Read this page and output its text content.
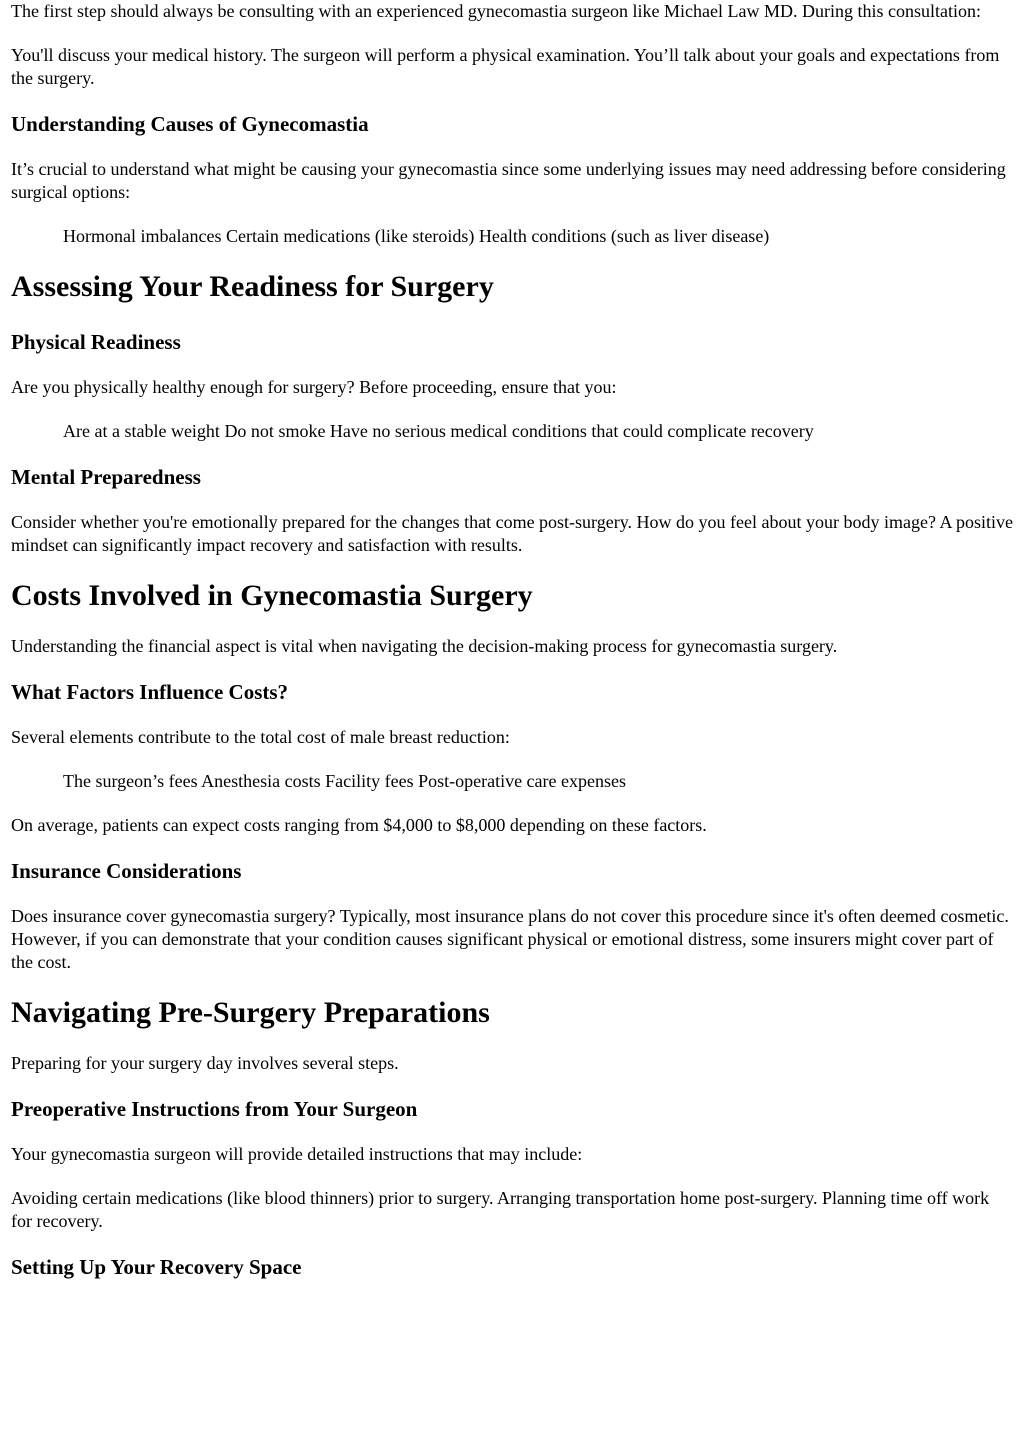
The first step should always be consulting with an experienced gynecomastia surgeon like Michael Law MD. During this consultation:

You'll discuss your medical history. The surgeon will perform a physical examination. You’ll talk about your goals and expectations from the surgery.

Understanding Causes of Gynecomastia

It’s crucial to understand what might be causing your gynecomastia since some underlying issues may need addressing before considering surgical options:

Hormonal imbalances Certain medications (like steroids) Health conditions (such as liver disease)
Assessing Your Readiness for Surgery
Physical Readiness

Are you physically healthy enough for surgery? Before proceeding, ensure that you:

Are at a stable weight Do not smoke Have no serious medical conditions that could complicate recovery
Mental Preparedness

Consider whether you're emotionally prepared for the changes that come post-surgery. How do you feel about your body image? A positive mindset can significantly impact recovery and satisfaction with results.

Costs Involved in Gynecomastia Surgery

Understanding the financial aspect is vital when navigating the decision-making process for gynecomastia surgery.

What Factors Influence Costs?

Several elements contribute to the total cost of male breast reduction:

The surgeon’s fees Anesthesia costs Facility fees Post-operative care expenses

On average, patients can expect costs ranging from $4,000 to $8,000 depending on these factors.

Insurance Considerations

Does insurance cover gynecomastia surgery? Typically, most insurance plans do not cover this procedure since it's often deemed cosmetic. However, if you can demonstrate that your condition causes significant physical or emotional distress, some insurers might cover part of the cost.

Navigating Pre-Surgery Preparations

Preparing for your surgery day involves several steps.

Preoperative Instructions from Your Surgeon

Your gynecomastia surgeon will provide detailed instructions that may include:

Avoiding certain medications (like blood thinners) prior to surgery. Arranging transportation home post-surgery. Planning time off work for recovery.

Setting Up Your Recovery Space
